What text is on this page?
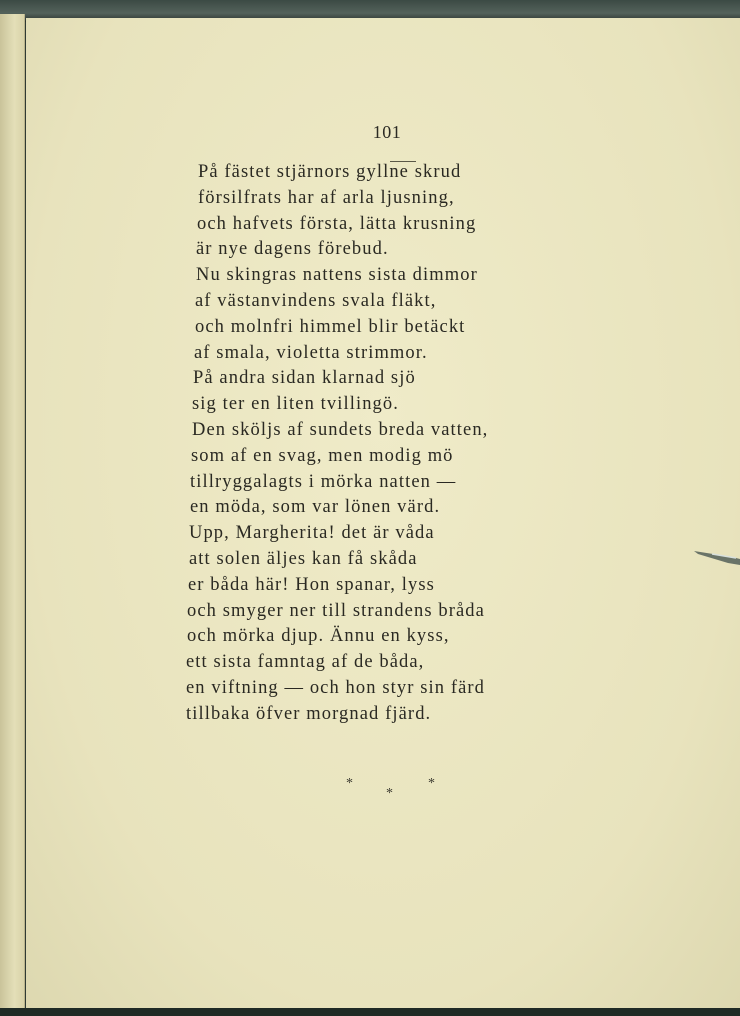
101
På fästet stjärnors gyllne skrud
försilfrats har af arla ljusning,
och hafvets första, lätta krusning
är nye dagens förebud.
Nu skingras nattens sista dimmor
af västanvindens svala fläkt,
och molnfri himmel blir betäckt
af smala, violetta strimmor.
På andra sidan klarnad sjö
sig ter en liten tvillingö.
Den sköljs af sundets breda vatten,
som af en svag, men modig mö
tillryggalagts i mörka natten —
en möda, som var lönen värd.
Upp, Margherita! det är våda
att solen äljes kan få skåda
er båda här! Hon spanar, lyss
och smyger ner till strandens bråda
och mörka djup. Ännu en kyss,
ett sista famntag af de båda,
en viftning — och hon styr sin färd
tillbaka öfver morgnad fjärd.
*
*
*
